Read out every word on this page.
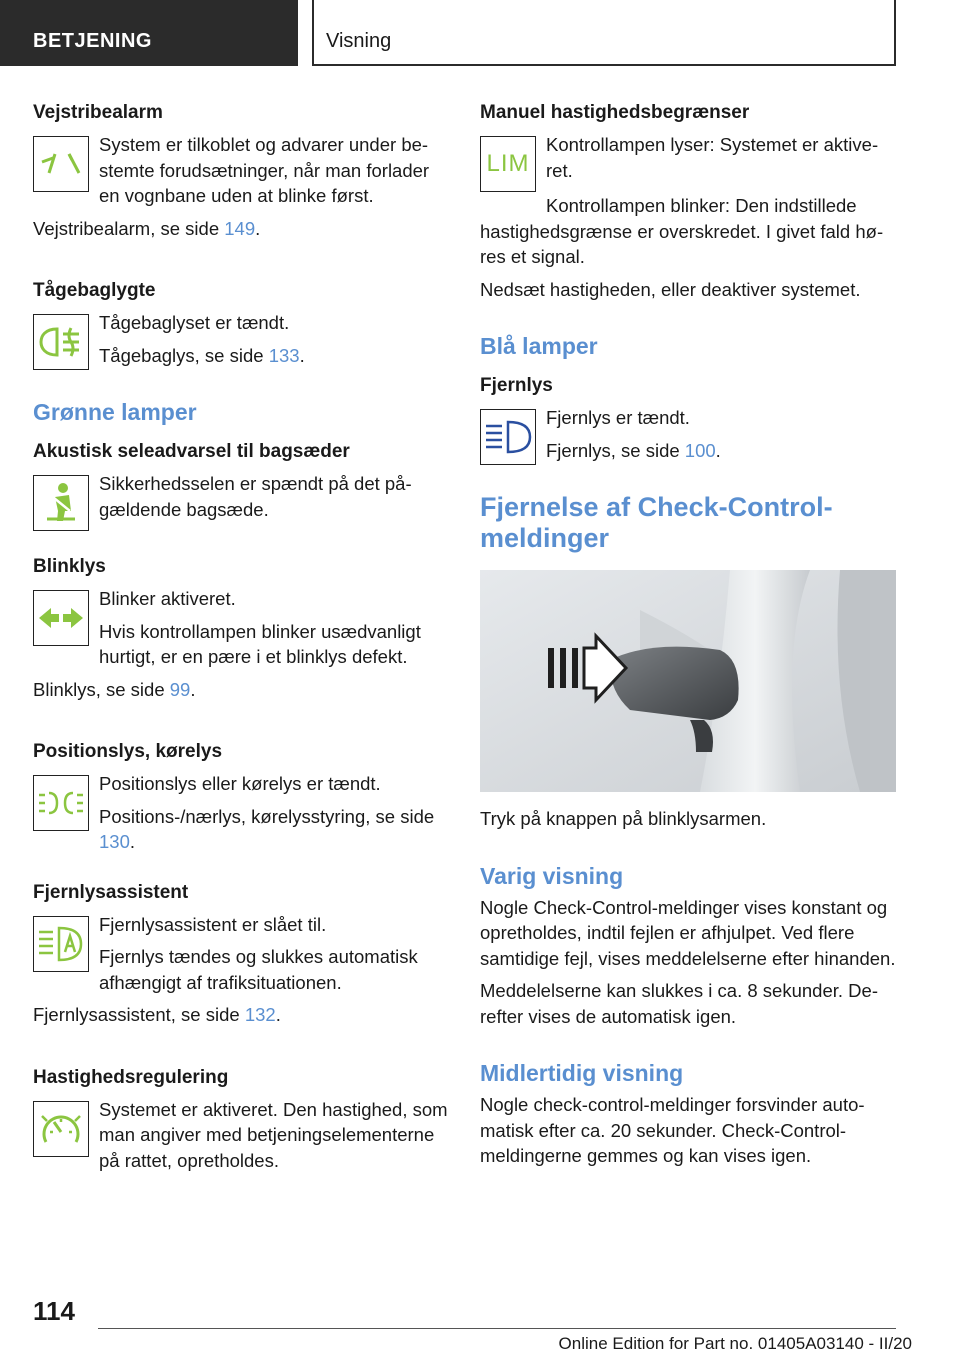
BETJENING	Visning
Vejstribealarm
System er tilkoblet og advarer under bestemte forudsætninger, når man forlader en vognbane uden at blinke først.
Vejstribealarm, se side 149.
Tågebaglygte
Tågebaglyset er tændt.
Tågebaglys, se side 133.
Grønne lamper
Akustisk seleadvarsel til bagsæder
Sikkerhedsselen er spændt på det pågældende bagsæde.
Blinklys
Blinker aktiveret.
Hvis kontrollampen blinker usædvanligt hurtigt, er en pære i et blinklys defekt.
Blinklys, se side 99.
Positionslys, kørelys
Positionslys eller kørelys er tændt.
Positions-/nærlys, kørelysstyring, se side 130.
Fjernlysassistent
Fjernlysassistent er slået til.
Fjernlys tændes og slukkes automatisk afhængigt af trafiksituationen.
Fjernlysassistent, se side 132.
Hastighedsregulering
Systemet er aktiveret. Den hastighed, som man angiver med betjeningselementerne på rattet, opretholdes.
Manuel hastighedsbegrænser
LIM
Kontrollampen lyser: Systemet er aktiveret.
Kontrollampen blinker: Den indstillede hastighedsgrænse er overskredet. I givet fald høres et signal.
Nedsæt hastigheden, eller deaktiver systemet.
Blå lamper
Fjernlys
Fjernlys er tændt.
Fjernlys, se side 100.
Fjernelse af Check-Control-meldinger
Tryk på knappen på blinklysarmen.
Varig visning
Nogle Check-Control-meldinger vises konstant og opretholdes, indtil fejlen er afhjulpet. Ved flere samtidige fejl, vises meddelelserne efter hinanden.
Meddelelserne kan slukkes i ca. 8 sekunder. Derefter vises de automatisk igen.
Midlertidig visning
Nogle check-control-meldinger forsvinder automatisk efter ca. 20 sekunder. Check-Control-meldingerne gemmes og kan vises igen.
114
Online Edition for Part no. 01405A03140 - II/20
